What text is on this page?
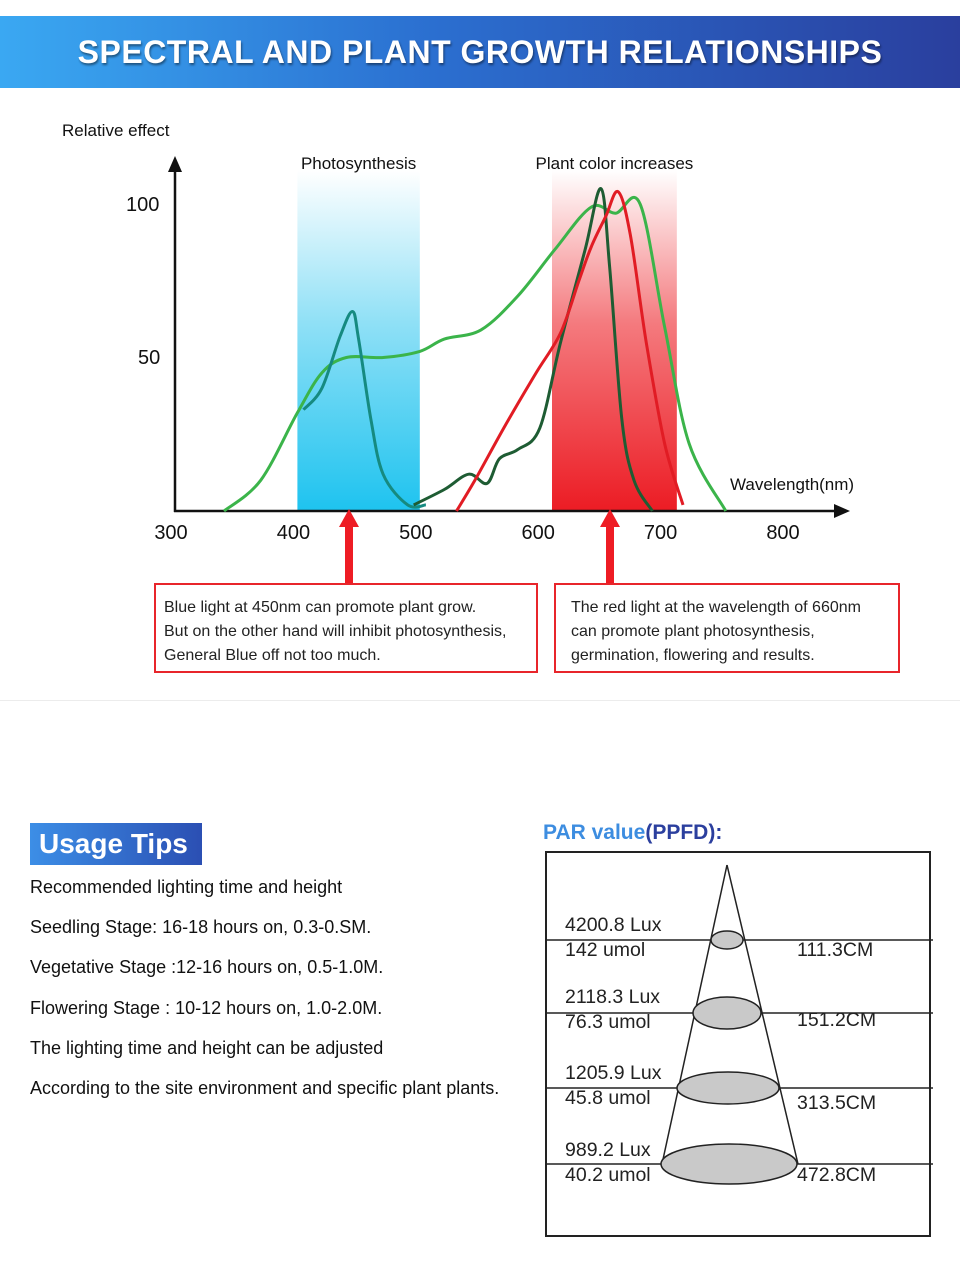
SPECTRAL AND PLANT GROWTH RELATIONSHIPS
Photosynthesis	Plant color increases
Relative effect
Wavelength(nm)
100
50
300	400	500	600	700	800
Blue light at 450nm can promote plant grow.
But on the other hand will inhibit photosynthesis,
General Blue off not too much.
The red light at the wavelength of 660nm
can promote plant photosynthesis,
germination, flowering and results.
Usage Tips
Recommended lighting time and height
Seedling Stage: 16-18 hours on, 0.3-0.SM.
Vegetative Stage :12-16 hours on, 0.5-1.0M.
Flowering Stage : 10-12 hours on, 1.0-2.0M.
The lighting time and height can be adjusted
According to the site environment and specific plant plants.
PAR value(PPFD):
4200.8 Lux
142 umol	111.3CM
2118.3 Lux
76.3 umol	151.2CM
1205.9 Lux
45.8 umol	313.5CM
989.2 Lux
40.2 umol	472.8CM
